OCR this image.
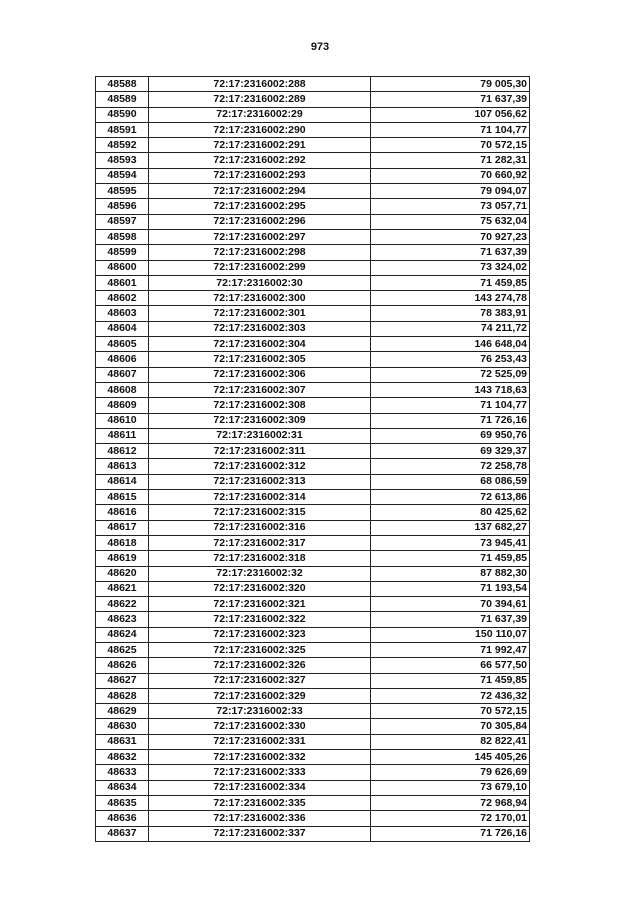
973
48588	72:17:2316002:288	79 005,30
48589	72:17:2316002:289	71 637,39
48590	72:17:2316002:29	107 056,62
48591	72:17:2316002:290	71 104,77
48592	72:17:2316002:291	70 572,15
48593	72:17:2316002:292	71 282,31
48594	72:17:2316002:293	70 660,92
48595	72:17:2316002:294	79 094,07
48596	72:17:2316002:295	73 057,71
48597	72:17:2316002:296	75 632,04
48598	72:17:2316002:297	70 927,23
48599	72:17:2316002:298	71 637,39
48600	72:17:2316002:299	73 324,02
48601	72:17:2316002:30	71 459,85
48602	72:17:2316002:300	143 274,78
48603	72:17:2316002:301	78 383,91
48604	72:17:2316002:303	74 211,72
48605	72:17:2316002:304	146 648,04
48606	72:17:2316002:305	76 253,43
48607	72:17:2316002:306	72 525,09
48608	72:17:2316002:307	143 718,63
48609	72:17:2316002:308	71 104,77
48610	72:17:2316002:309	71 726,16
48611	72:17:2316002:31	69 950,76
48612	72:17:2316002:311	69 329,37
48613	72:17:2316002:312	72 258,78
48614	72:17:2316002:313	68 086,59
48615	72:17:2316002:314	72 613,86
48616	72:17:2316002:315	80 425,62
48617	72:17:2316002:316	137 682,27
48618	72:17:2316002:317	73 945,41
48619	72:17:2316002:318	71 459,85
48620	72:17:2316002:32	87 882,30
48621	72:17:2316002:320	71 193,54
48622	72:17:2316002:321	70 394,61
48623	72:17:2316002:322	71 637,39
48624	72:17:2316002:323	150 110,07
48625	72:17:2316002:325	71 992,47
48626	72:17:2316002:326	66 577,50
48627	72:17:2316002:327	71 459,85
48628	72:17:2316002:329	72 436,32
48629	72:17:2316002:33	70 572,15
48630	72:17:2316002:330	70 305,84
48631	72:17:2316002:331	82 822,41
48632	72:17:2316002:332	145 405,26
48633	72:17:2316002:333	79 626,69
48634	72:17:2316002:334	73 679,10
48635	72:17:2316002:335	72 968,94
48636	72:17:2316002:336	72 170,01
48637	72:17:2316002:337	71 726,16
